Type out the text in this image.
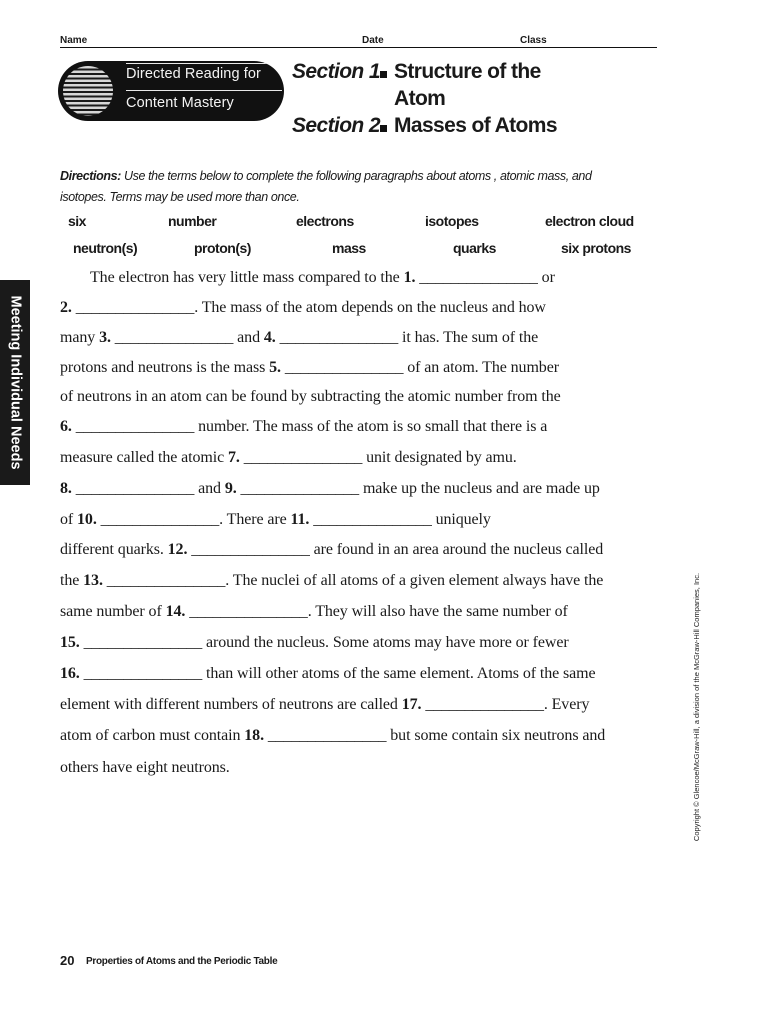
Name	Date	Class
Directed Reading for
Content Mastery
Section 1 Structure of the
Atom
Section 2 Masses of Atoms
Directions: Use the terms below to complete the following paragraphs about atoms , atomic mass, and
isotopes. Terms may be used more than once.
six	number	electrons	isotopes	electron cloud
neutron(s)	proton(s)	mass	quarks	six protons
The electron has very little mass compared to the 1. _______________ or
2. _______________. The mass of the atom depends on the nucleus and how
many 3. _______________ and 4. _______________ it has. The sum of the
protons and neutrons is the mass 5. _______________ of an atom. The number
of neutrons in an atom can be found by subtracting the atomic number from the
6. _______________ number. The mass of the atom is so small that there is a
measure called the atomic 7. _______________ unit designated by amu.
8. _______________ and 9. _______________ make up the nucleus and are made up
of 10. _______________. There are 11. _______________ uniquely
different quarks. 12. _______________ are found in an area around the nucleus called
the 13. _______________. The nuclei of all atoms of a given element always have the
same number of 14. _______________. They will also have the same number of
15. _______________ around the nucleus. Some atoms may have more or fewer
16. _______________ than will other atoms of the same element. Atoms of the same
element with different numbers of neutrons are called 17. _______________. Every
atom of carbon must contain 18. _______________ but some contain six neutrons and
others have eight neutrons.
Meeting Individual Needs
Copyright © Glencoe/McGraw-Hill, a division of the McGraw-Hill Companies, Inc.
20 Properties of Atoms and the Periodic Table
